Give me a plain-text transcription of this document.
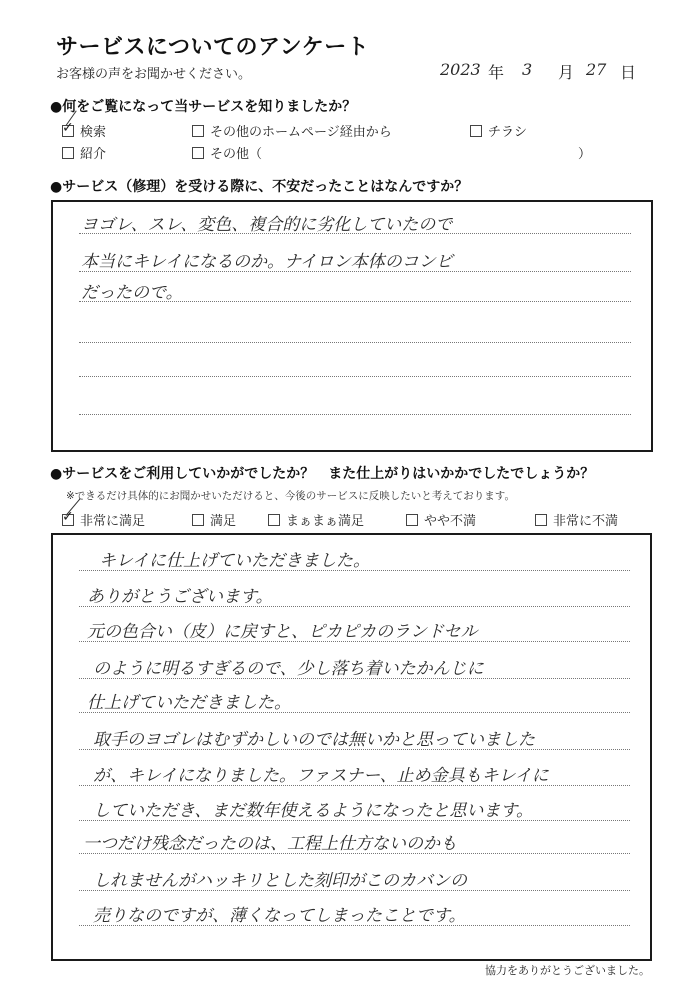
サービスについてのアンケート
お客様の声をお聞かせください。	2023 年 3 月 27 日
●何をご覧になって当サービスを知りましたか？
✓検索	その他のホームページ経由から	チラシ
紹介	その他（	）
●サービス（修理）を受ける際に、不安だったことはなんですか？
ヨゴレ、スレ、変色、複合的に劣化していたので
本当にキレイになるのか。ナイロン本体のコンビ
だったので。
●サービスをご利用していかがでしたか？　また仕上がりはいかかでしたでしょうか？
※できるだけ具体的にお聞かせいただけると、今後のサービスに反映したいと考えております。
✓非常に満足	満足	まぁまぁ満足	やや不満	非常に不満
キレイに仕上げていただきました。
ありがとうございます。
元の色合い（皮）に戻すと、ピカピカのランドセル
のように明るすぎるので、少し落ち着いたかんじに
仕上げていただきました。
取手のヨゴレはむずかしいのでは無いかと思っていました
が、キレイになりました。ファスナー、止め金具もキレイに
していただき、まだ数年使えるようになったと思います。
一つだけ残念だったのは、工程上仕方ないのかも
しれませんがハッキリとした刻印がこのカバンの
売りなのですが、薄くなってしまったことです。
協力をありがとうございました。
